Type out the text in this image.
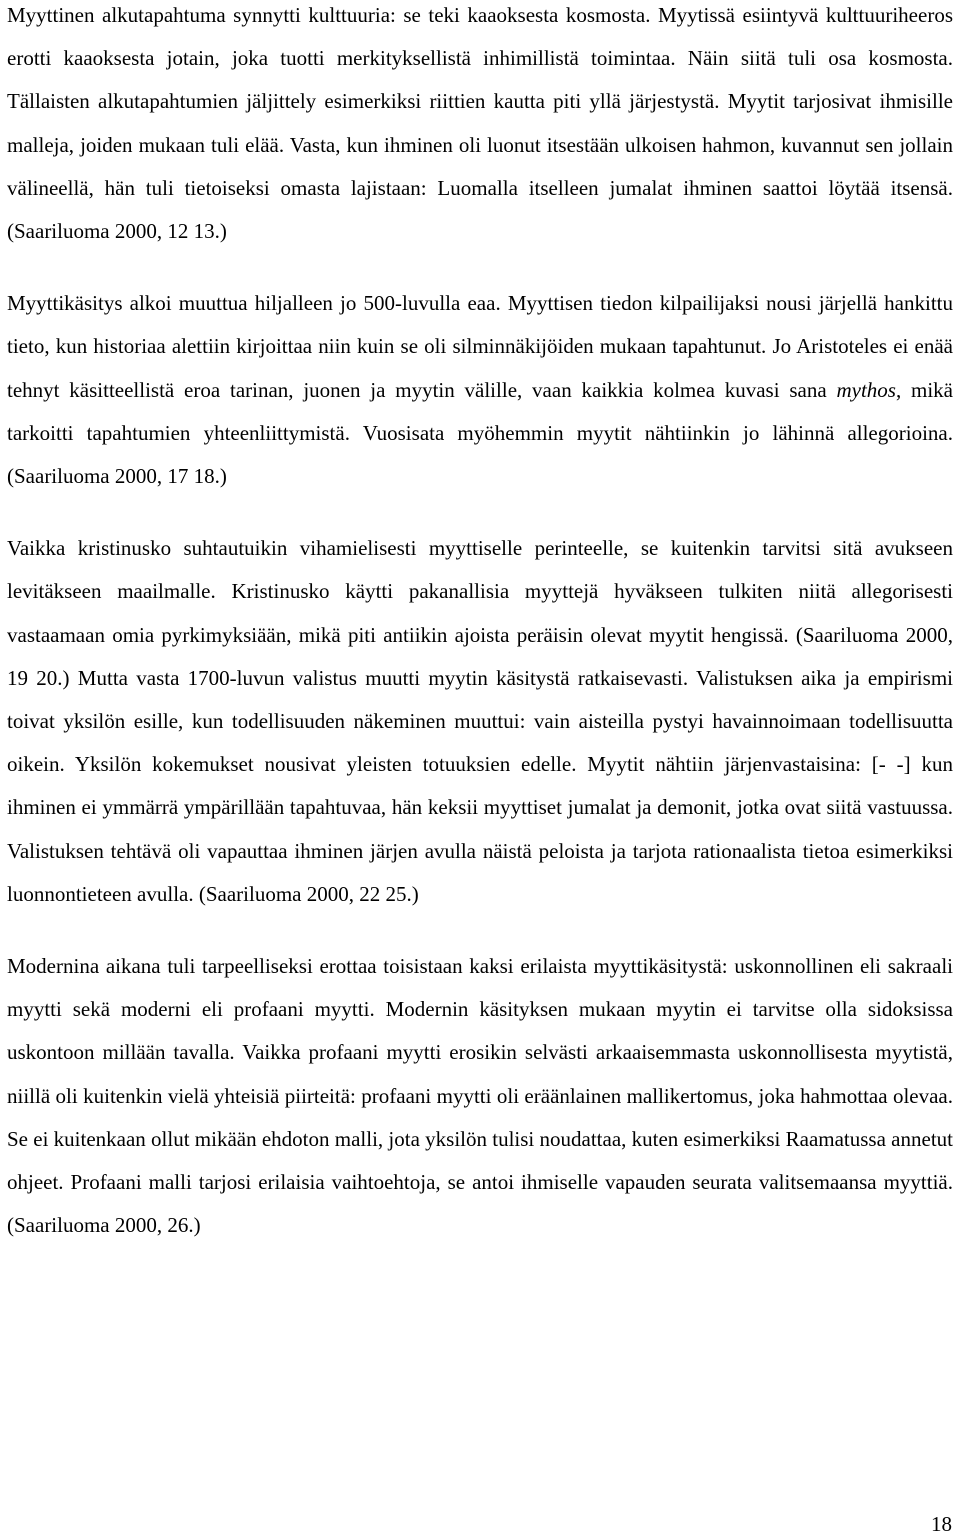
Myyttinen alkutapahtuma synnytti kulttuuria: se teki kaaoksesta kosmosta. Myytissä esiintyvä kulttuuriheeros erotti kaaoksesta jotain, joka tuotti merkityksellistä inhimillistä toimintaa. Näin siitä tuli osa kosmosta. Tällaisten alkutapahtumien jäljittely esimerkiksi riittien kautta piti yllä järjestystä. Myytit tarjosivat ihmisille malleja, joiden mukaan tuli elää. Vasta, kun ihminen oli luonut itsestään ulkoisen hahmon, kuvannut sen jollain välineellä, hän tuli tietoiseksi omasta lajistaan: Luomalla itselleen jumalat ihminen saattoi löytää itsensä. (Saariluoma 2000, 12 13.)

Myyttikäsitys alkoi muuttua hiljalleen jo 500-luvulla eaa. Myyttisen tiedon kilpailijaksi nousi järjellä hankittu tieto, kun historiaa alettiin kirjoittaa niin kuin se oli silminnäkijöiden mukaan tapahtunut. Jo Aristoteles ei enää tehnyt käsitteellistä eroa tarinan, juonen ja myytin välille, vaan kaikkia kolmea kuvasi sana mythos, mikä tarkoitti tapahtumien yhteenliittymistä. Vuosisata myöhemmin myytit nähtiinkin jo lähinnä allegorioina. (Saariluoma 2000, 17 18.)

Vaikka kristinusko suhtautuikin vihamielisesti myyttiselle perinteelle, se kuitenkin tarvitsi sitä avukseen levitäkseen maailmalle. Kristinusko käytti pakanallisia myyttejä hyväkseen tulkiten niitä allegorisesti vastaamaan omia pyrkimyksiään, mikä piti antiikin ajoista peräisin olevat myytit hengissä. (Saariluoma 2000, 19 20.) Mutta vasta 1700-luvun valistus muutti myytin käsitystä ratkaisevasti. Valistuksen aika ja empirismi toivat yksilön esille, kun todellisuuden näkeminen muuttui: vain aisteilla pystyi havainnoimaan todellisuutta oikein. Yksilön kokemukset nousivat yleisten totuuksien edelle. Myytit nähtiin järjenvastaisina: [- -] kun ihminen ei ymmärrä ympärillään tapahtuvaa, hän keksii myyttiset jumalat ja demonit, jotka ovat siitä vastuussa. Valistuksen tehtävä oli vapauttaa ihminen järjen avulla näistä peloista ja tarjota rationaalista tietoa esimerkiksi luonnontieteen avulla. (Saariluoma 2000, 22 25.)

Modernina aikana tuli tarpeelliseksi erottaa toisistaan kaksi erilaista myyttikäsitystä: uskonnollinen eli sakraali myytti sekä moderni eli profaani myytti. Modernin käsityksen mukaan myytin ei tarvitse olla sidoksissa uskontoon millään tavalla. Vaikka profaani myytti erosikin selvästi arkaaisemmasta uskonnollisesta myytistä, niillä oli kuitenkin vielä yhteisiä piirteitä: profaani myytti oli eräänlainen mallikertomus, joka hahmottaa olevaa. Se ei kuitenkaan ollut mikään ehdoton malli, jota yksilön tulisi noudattaa, kuten esimerkiksi Raamatussa annetut ohjeet. Profaani malli tarjosi erilaisia vaihtoehtoja, se antoi ihmiselle vapauden seurata valitsemaansa myyttiä. (Saariluoma 2000, 26.)

18
